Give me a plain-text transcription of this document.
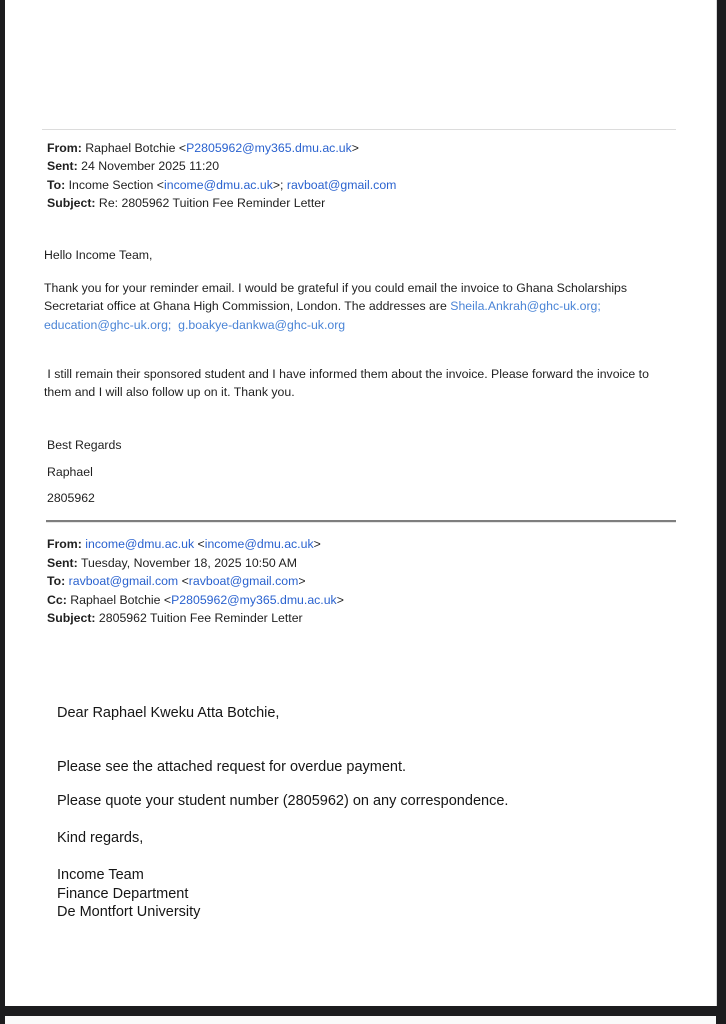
From: Raphael Botchie <P2805962@my365.dmu.ac.uk>
Sent: 24 November 2025 11:20
To: Income Section <income@dmu.ac.uk>; ravboat@gmail.com
Subject: Re: 2805962 Tuition Fee Reminder Letter
Hello Income Team,
Thank you for your reminder email. I would be grateful if you could email the invoice to Ghana Scholarships
Secretariat office at Ghana High Commission, London. The addresses are Sheila.Ankrah@ghc-uk.org;
education@ghc-uk.org; g.boakye-dankwa@ghc-uk.org
I still remain their sponsored student and I have informed them about the invoice. Please forward the invoice to
them and I will also follow up on it. Thank you.
Best Regards
Raphael
2805962
From: income@dmu.ac.uk <income@dmu.ac.uk>
Sent: Tuesday, November 18, 2025 10:50 AM
To: ravboat@gmail.com <ravboat@gmail.com>
Cc: Raphael Botchie <P2805962@my365.dmu.ac.uk>
Subject: 2805962 Tuition Fee Reminder Letter
Dear Raphael Kweku Atta Botchie,
Please see the attached request for overdue payment.
Please quote your student number (2805962) on any correspondence.
Kind regards,
Income Team
Finance Department
De Montfort University
